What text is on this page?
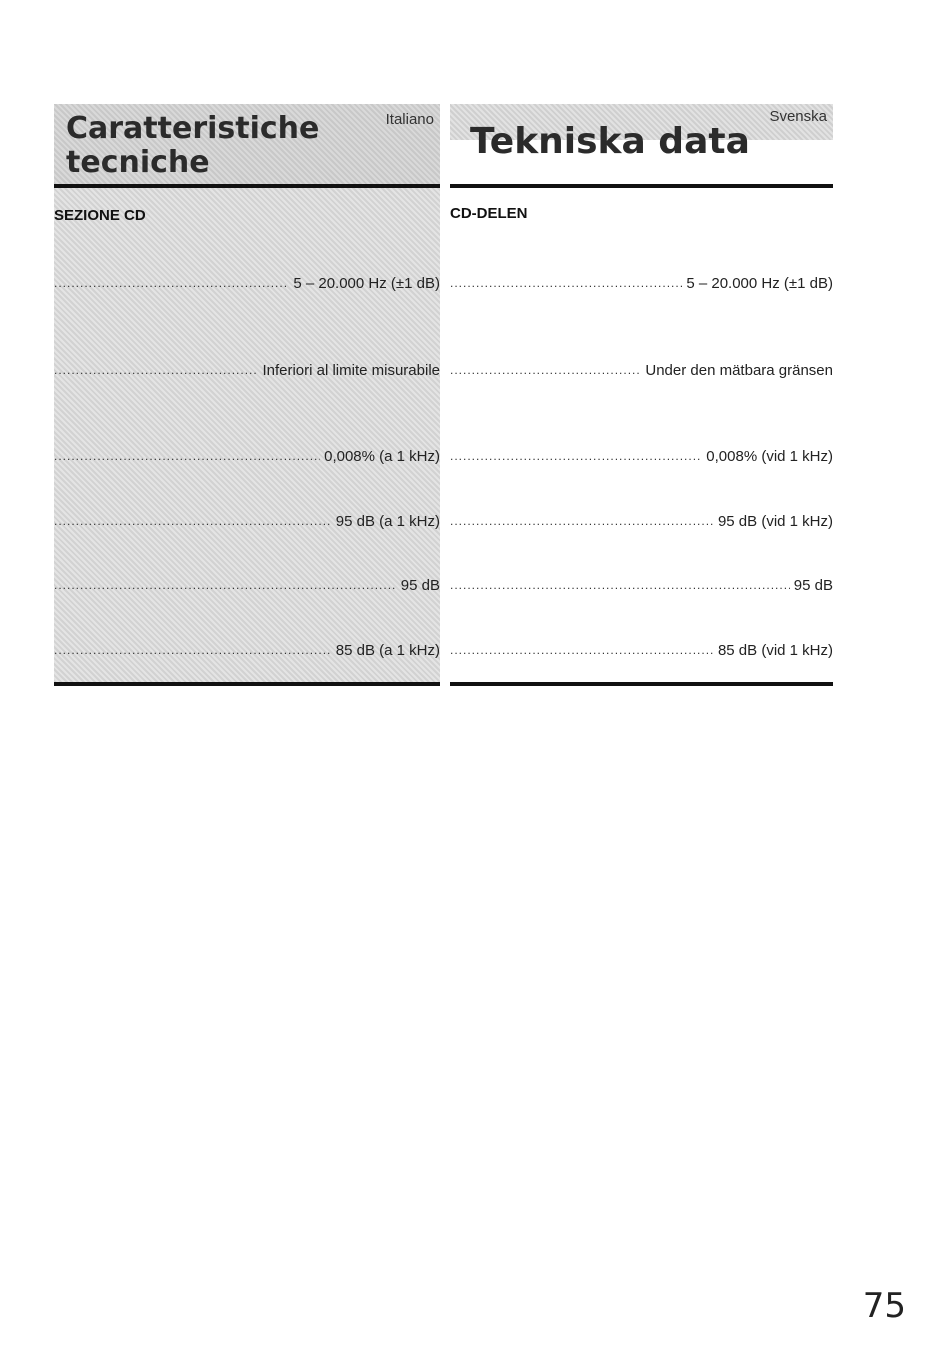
Caratteristiche tecniche
Italiano
SEZIONE CD
.....
5 – 20.000 Hz (±1 dB)
.....
Inferiori al limite misurabile
.....
0,008% (a 1 kHz)
.....
95 dB (a 1 kHz)
.....
95 dB
.....
85 dB (a 1 kHz)
Svenska
Tekniska data
CD-DELEN
.....
5 – 20.000 Hz (±1 dB)
.....
Under den mätbara gränsen
.....
0,008% (vid 1 kHz)
.....
95 dB (vid 1 kHz)
.....
95 dB
.....
85 dB (vid 1 kHz)
75
